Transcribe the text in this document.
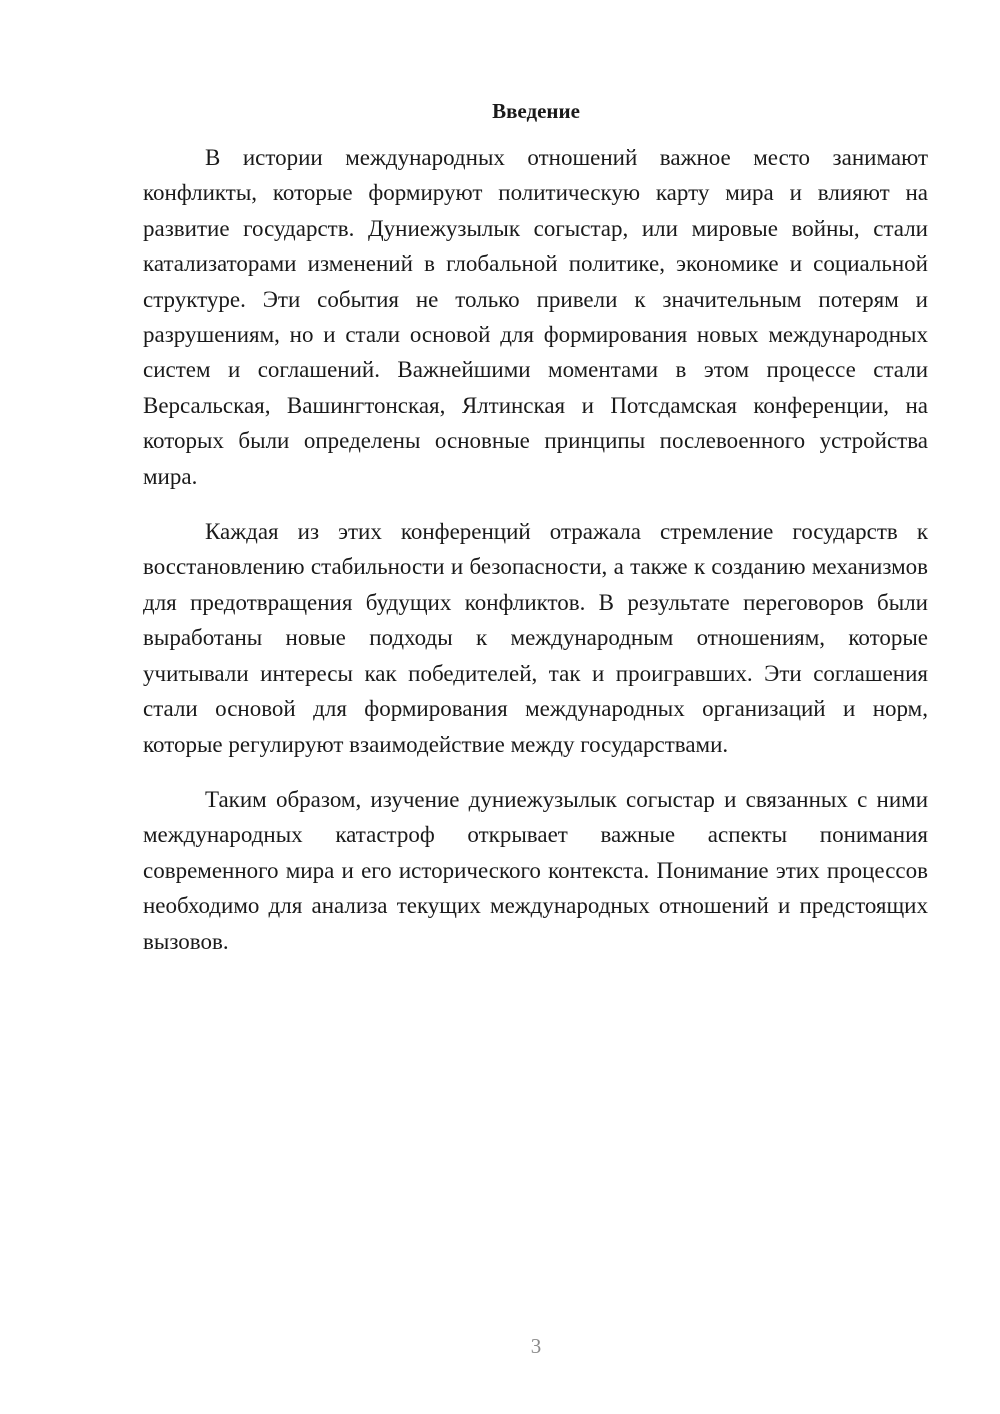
Введение

В истории международных отношений важное место занимают конфликты, которые формируют политическую карту мира и влияют на развитие государств. Дуниежузылык согыстар, или мировые войны, стали катализаторами изменений в глобальной политике, экономике и социальной структуре. Эти события не только привели к значительным потерям и разрушениям, но и стали основой для формирования новых международных систем и соглашений. Важнейшими моментами в этом процессе стали Версальская, Вашингтонская, Ялтинская и Потсдамская конференции, на которых были определены основные принципы послевоенного устройства мира.

Каждая из этих конференций отражала стремление государств к восстановлению стабильности и безопасности, а также к созданию механизмов для предотвращения будущих конфликтов. В результате переговоров были выработаны новые подходы к международным отношениям, которые учитывали интересы как победителей, так и проигравших. Эти соглашения стали основой для формирования международных организаций и норм, которые регулируют взаимодействие между государствами.

Таким образом, изучение дуниежузылык согыстар и связанных с ними международных катастроф открывает важные аспекты понимания современного мира и его исторического контекста. Понимание этих процессов необходимо для анализа текущих международных отношений и предстоящих вызовов.

3
